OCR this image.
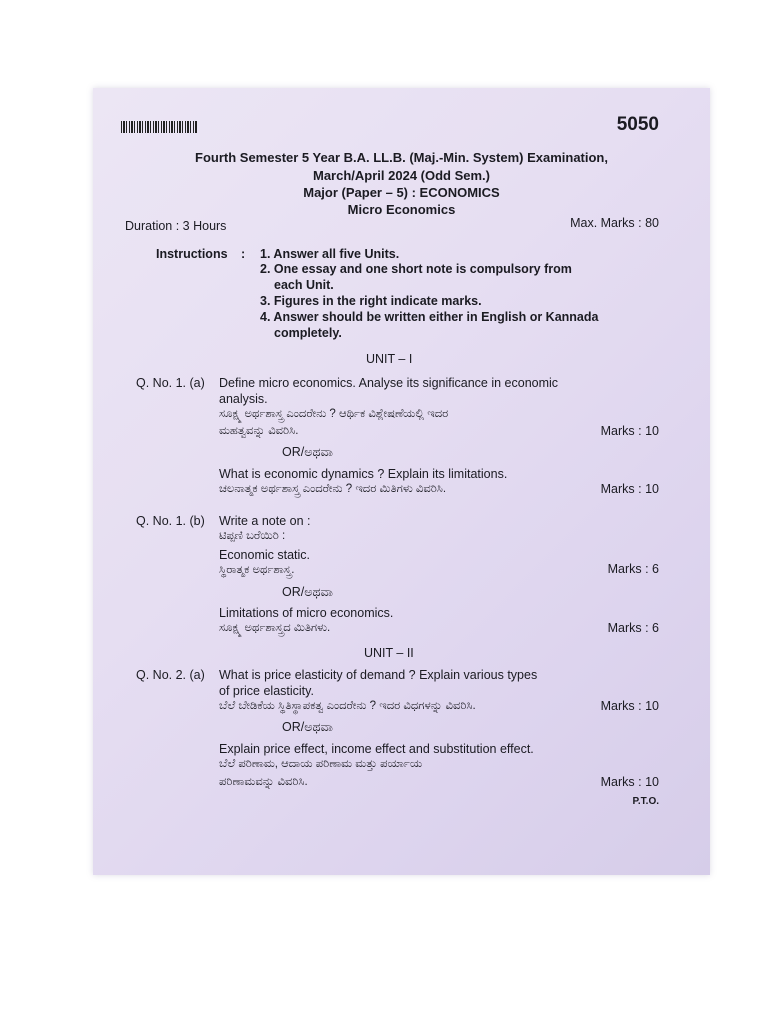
5050
Fourth Semester 5 Year B.A. LL.B. (Maj.-Min. System) Examination,
March/April 2024 (Odd Sem.)
Major (Paper – 5) : ECONOMICS
Micro Economics
Duration : 3 Hours	Max. Marks : 80
Instructions : 1. Answer all five Units.
2. One essay and one short note is compulsory from
each Unit.
3. Figures in the right indicate marks.
4. Answer should be written either in English or Kannada
completely.
UNIT – I
Q. No. 1. (a) Define micro economics. Analyse its significance in economic
analysis.
ಸೂಕ್ಷ್ಮ ಅರ್ಥಶಾಸ್ತ್ರ ಎಂದರೇನು ? ಆರ್ಥಿಕ ವಿಶ್ಲೇಷಣೆಯಲ್ಲಿ ಇದರ
ಮಹತ್ವವನ್ನು ವಿವರಿಸಿ.	Marks : 10
OR/ಅಥವಾ
What is economic dynamics ? Explain its limitations.
ಚಲನಾತ್ಮಕ ಅರ್ಥಶಾಸ್ತ್ರ ಎಂದರೇನು ? ಇದರ ಮಿತಿಗಳು ವಿವರಿಸಿ.	Marks : 10
Q. No. 1. (b) Write a note on :
ಟಿಪ್ಪಣಿ ಬರೆಯಿರಿ :
Economic static.
ಸ್ಥಿರಾತ್ಮಕ ಅರ್ಥಶಾಸ್ತ್ರ.	Marks : 6
OR/ಅಥವಾ
Limitations of micro economics.
ಸೂಕ್ಷ್ಮ ಅರ್ಥಶಾಸ್ತ್ರದ ಮಿತಿಗಳು.	Marks : 6
UNIT – II
Q. No. 2. (a) What is price elasticity of demand ? Explain various types
of price elasticity.
ಬೆಲೆ ಬೇಡಿಕೆಯ ಸ್ಥಿತಿಸ್ಥಾಪಕತ್ವ ಎಂದರೇನು ? ಇದರ ವಿಧಗಳನ್ನು ವಿವರಿಸಿ.	Marks : 10
OR/ಅಥವಾ
Explain price effect, income effect and substitution effect.
ಬೆಲೆ ಪರಿಣಾಮ, ಆದಾಯ ಪರಿಣಾಮ ಮತ್ತು ಪರ್ಯಾಯ
ಪರಿಣಾಮವನ್ನು ವಿವರಿಸಿ.	Marks : 10
P.T.O.
